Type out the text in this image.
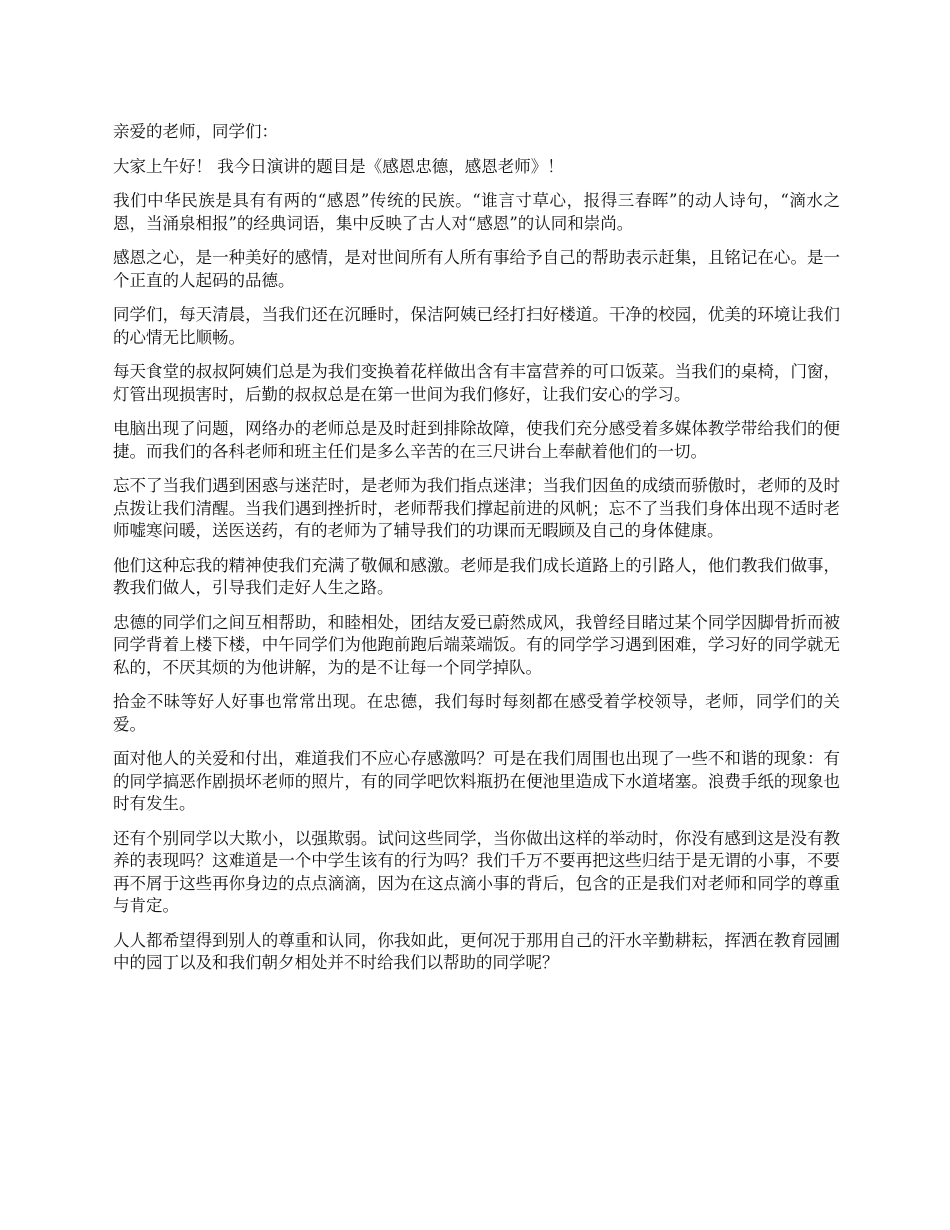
亲爱的老师，同学们：

大家上午好！ 我今日演讲的题目是《感恩忠德，感恩老师》！

我们中华民族是具有有两的“感恩”传统的民族。“谁言寸草心，报得三春晖”的动人诗句，“滴水之恩，当涌泉相报”的经典词语，集中反映了古人对“感恩”的认同和崇尚。

感恩之心，是一种美好的感情，是对世间所有人所有事给予自己的帮助表示赶集，且铭记在心。是一个正直的人起码的品德。

同学们，每天清晨，当我们还在沉睡时，保洁阿姨已经打扫好楼道。干净的校园，优美的环境让我们的心情无比顺畅。

每天食堂的叔叔阿姨们总是为我们变换着花样做出含有丰富营养的可口饭菜。当我们的桌椅，门窗，灯管出现损害时，后勤的叔叔总是在第一世间为我们修好，让我们安心的学习。

电脑出现了问题，网络办的老师总是及时赶到排除故障，使我们充分感受着多媒体教学带给我们的便捷。而我们的各科老师和班主任们是多么辛苦的在三尺讲台上奉献着他们的一切。

忘不了当我们遇到困惑与迷茫时，是老师为我们指点迷津；当我们因鱼的成绩而骄傲时，老师的及时点拨让我们清醒。当我们遇到挫折时，老师帮我们撑起前进的风帆；忘不了当我们身体出现不适时老师嘘寒问暖，送医送药，有的老师为了辅导我们的功课而无暇顾及自己的身体健康。

他们这种忘我的精神使我们充满了敬佩和感激。老师是我们成长道路上的引路人，他们教我们做事，教我们做人，引导我们走好人生之路。

忠德的同学们之间互相帮助，和睦相处，团结友爱已蔚然成风，我曾经目睹过某个同学因脚骨折而被同学背着上楼下楼，中午同学们为他跑前跑后端菜端饭。有的同学学习遇到困难，学习好的同学就无私的，不厌其烦的为他讲解，为的是不让每一个同学掉队。

拾金不昧等好人好事也常常出现。在忠德，我们每时每刻都在感受着学校领导，老师，同学们的关爱。

面对他人的关爱和付出，难道我们不应心存感激吗？可是在我们周围也出现了一些不和谐的现象：有的同学搞恶作剧损坏老师的照片，有的同学吧饮料瓶扔在便池里造成下水道堵塞。浪费手纸的现象也时有发生。

还有个别同学以大欺小，以强欺弱。试问这些同学，当你做出这样的举动时，你没有感到这是没有教养的表现吗？这难道是一个中学生该有的行为吗？我们千万不要再把这些归结于是无谓的小事，不要再不屑于这些再你身边的点点滴滴，因为在这点滴小事的背后，包含的正是我们对老师和同学的尊重与肯定。

人人都希望得到别人的尊重和认同，你我如此，更何况于那用自己的汗水辛勤耕耘，挥洒在教育园圃中的园丁以及和我们朝夕相处并不时给我们以帮助的同学呢？
